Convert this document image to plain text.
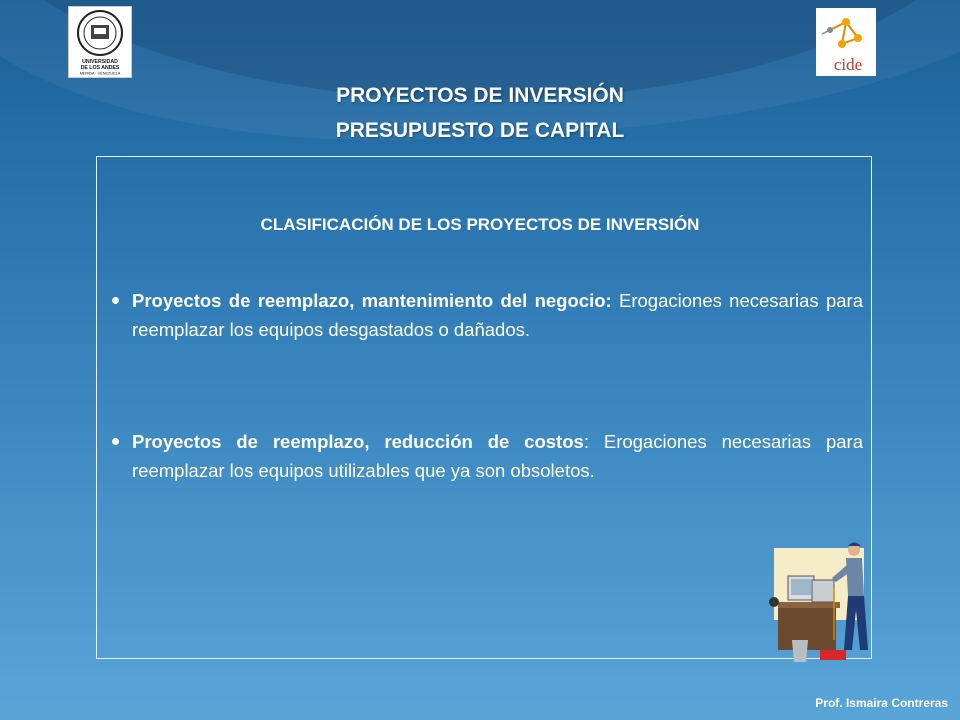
UNIVERSIDAD
DE LOS ANDES
MÉRIDA - VENEZUELA	cide
PROYECTOS DE INVERSIÓN
PRESUPUESTO DE CAPITAL
CLASIFICACIÓN DE LOS PROYECTOS DE INVERSIÓN
Proyectos de reemplazo, mantenimiento del negocio: Erogaciones necesarias para reemplazar los equipos desgastados o dañados.
Proyectos de reemplazo, reducción de costos: Erogaciones necesarias para reemplazar los equipos utilizables que ya son obsoletos.
Prof. Ismaira Contreras
